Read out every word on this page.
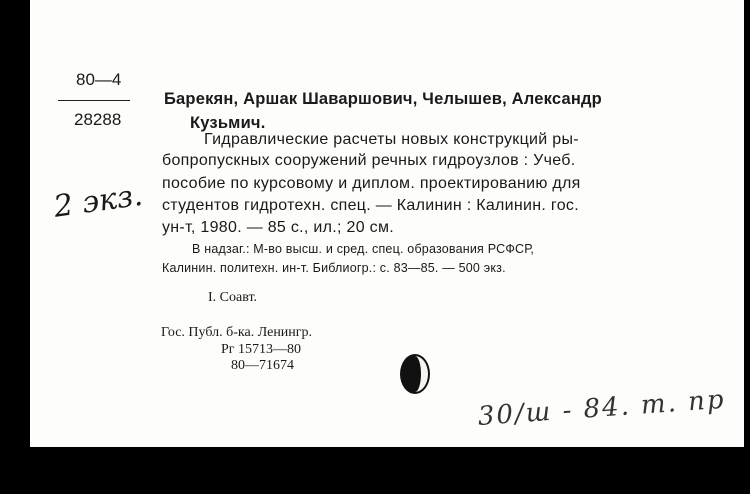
80—4
28288
2 экз.
Барекян, Аршак Шаваршович, Челышев, Александр
Кузьмич.
Гидравлические расчеты новых конструкций ры-
бопропускных сооружений речных гидроузлов : Учеб.
пособие по курсовому и диплом. проектированию для
студентов гидротехн. спец. — Калинин : Калинин. гос.
ун-т, 1980. — 85 с., ил.; 20 см.
В надзаг.: М-во высш. и сред. спец. образования РСФСР,
Калинин. политехн. ин-т. Библиогр.: с. 83—85. — 500 экз.
I. Соавт.
Гос. Публ. б-ка. Ленингр.
Рг 15713—80
80—71674
30/ш - 84. т. пр
